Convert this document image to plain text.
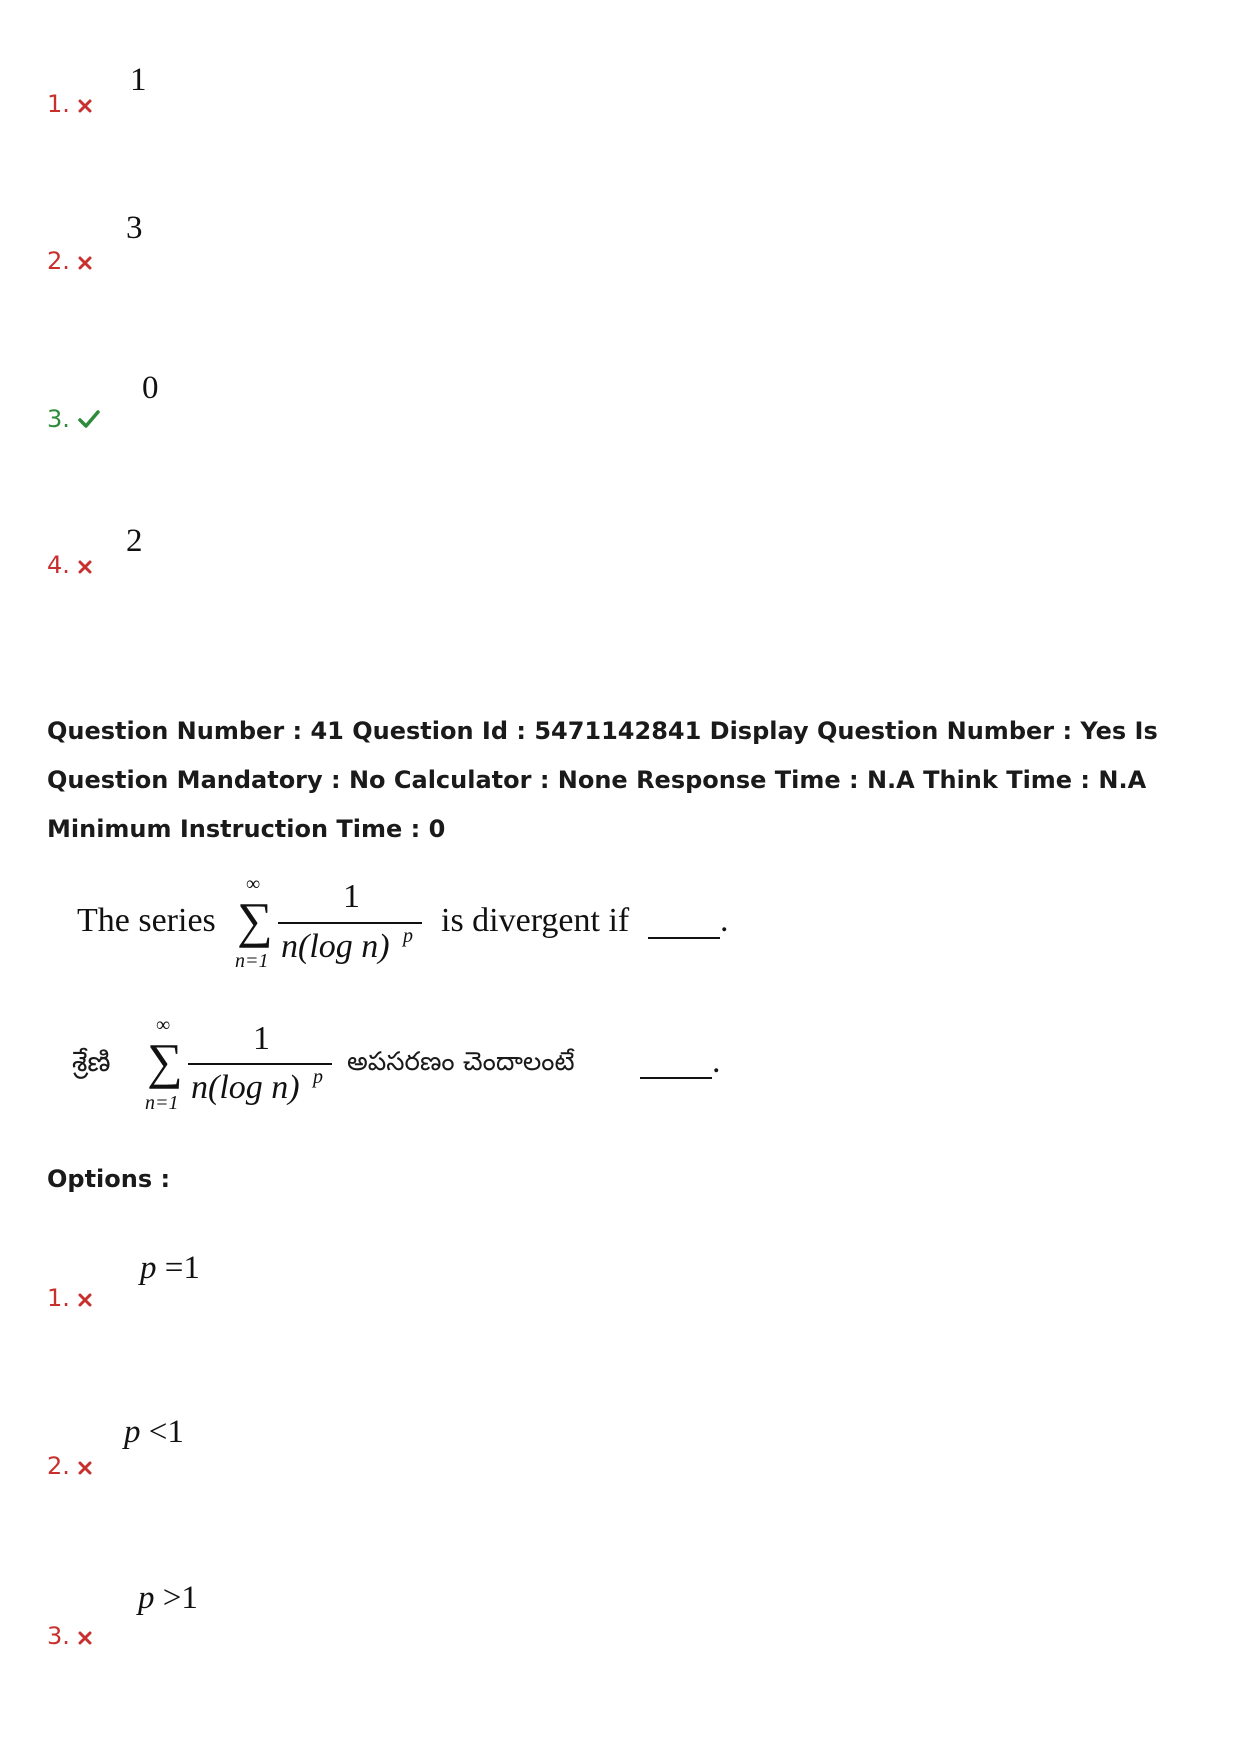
1.
1
2.
3
3.
0
4.
2
Question Number : 41 Question Id : 5471142841 Display Question Number : Yes Is Question Mandatory : No Calculator : None Response Time : N.A Think Time : N.A Minimum Instruction Time : 0
The series
∞
∑
n=1
1
n(log n) p is divergent if	.
శ్రేణి
∞
∑
n=1
1
n(log n) p అపసరణం చెందాలంటే	.
Options :
1.
p =1
2.
p <1
3.
p >1
